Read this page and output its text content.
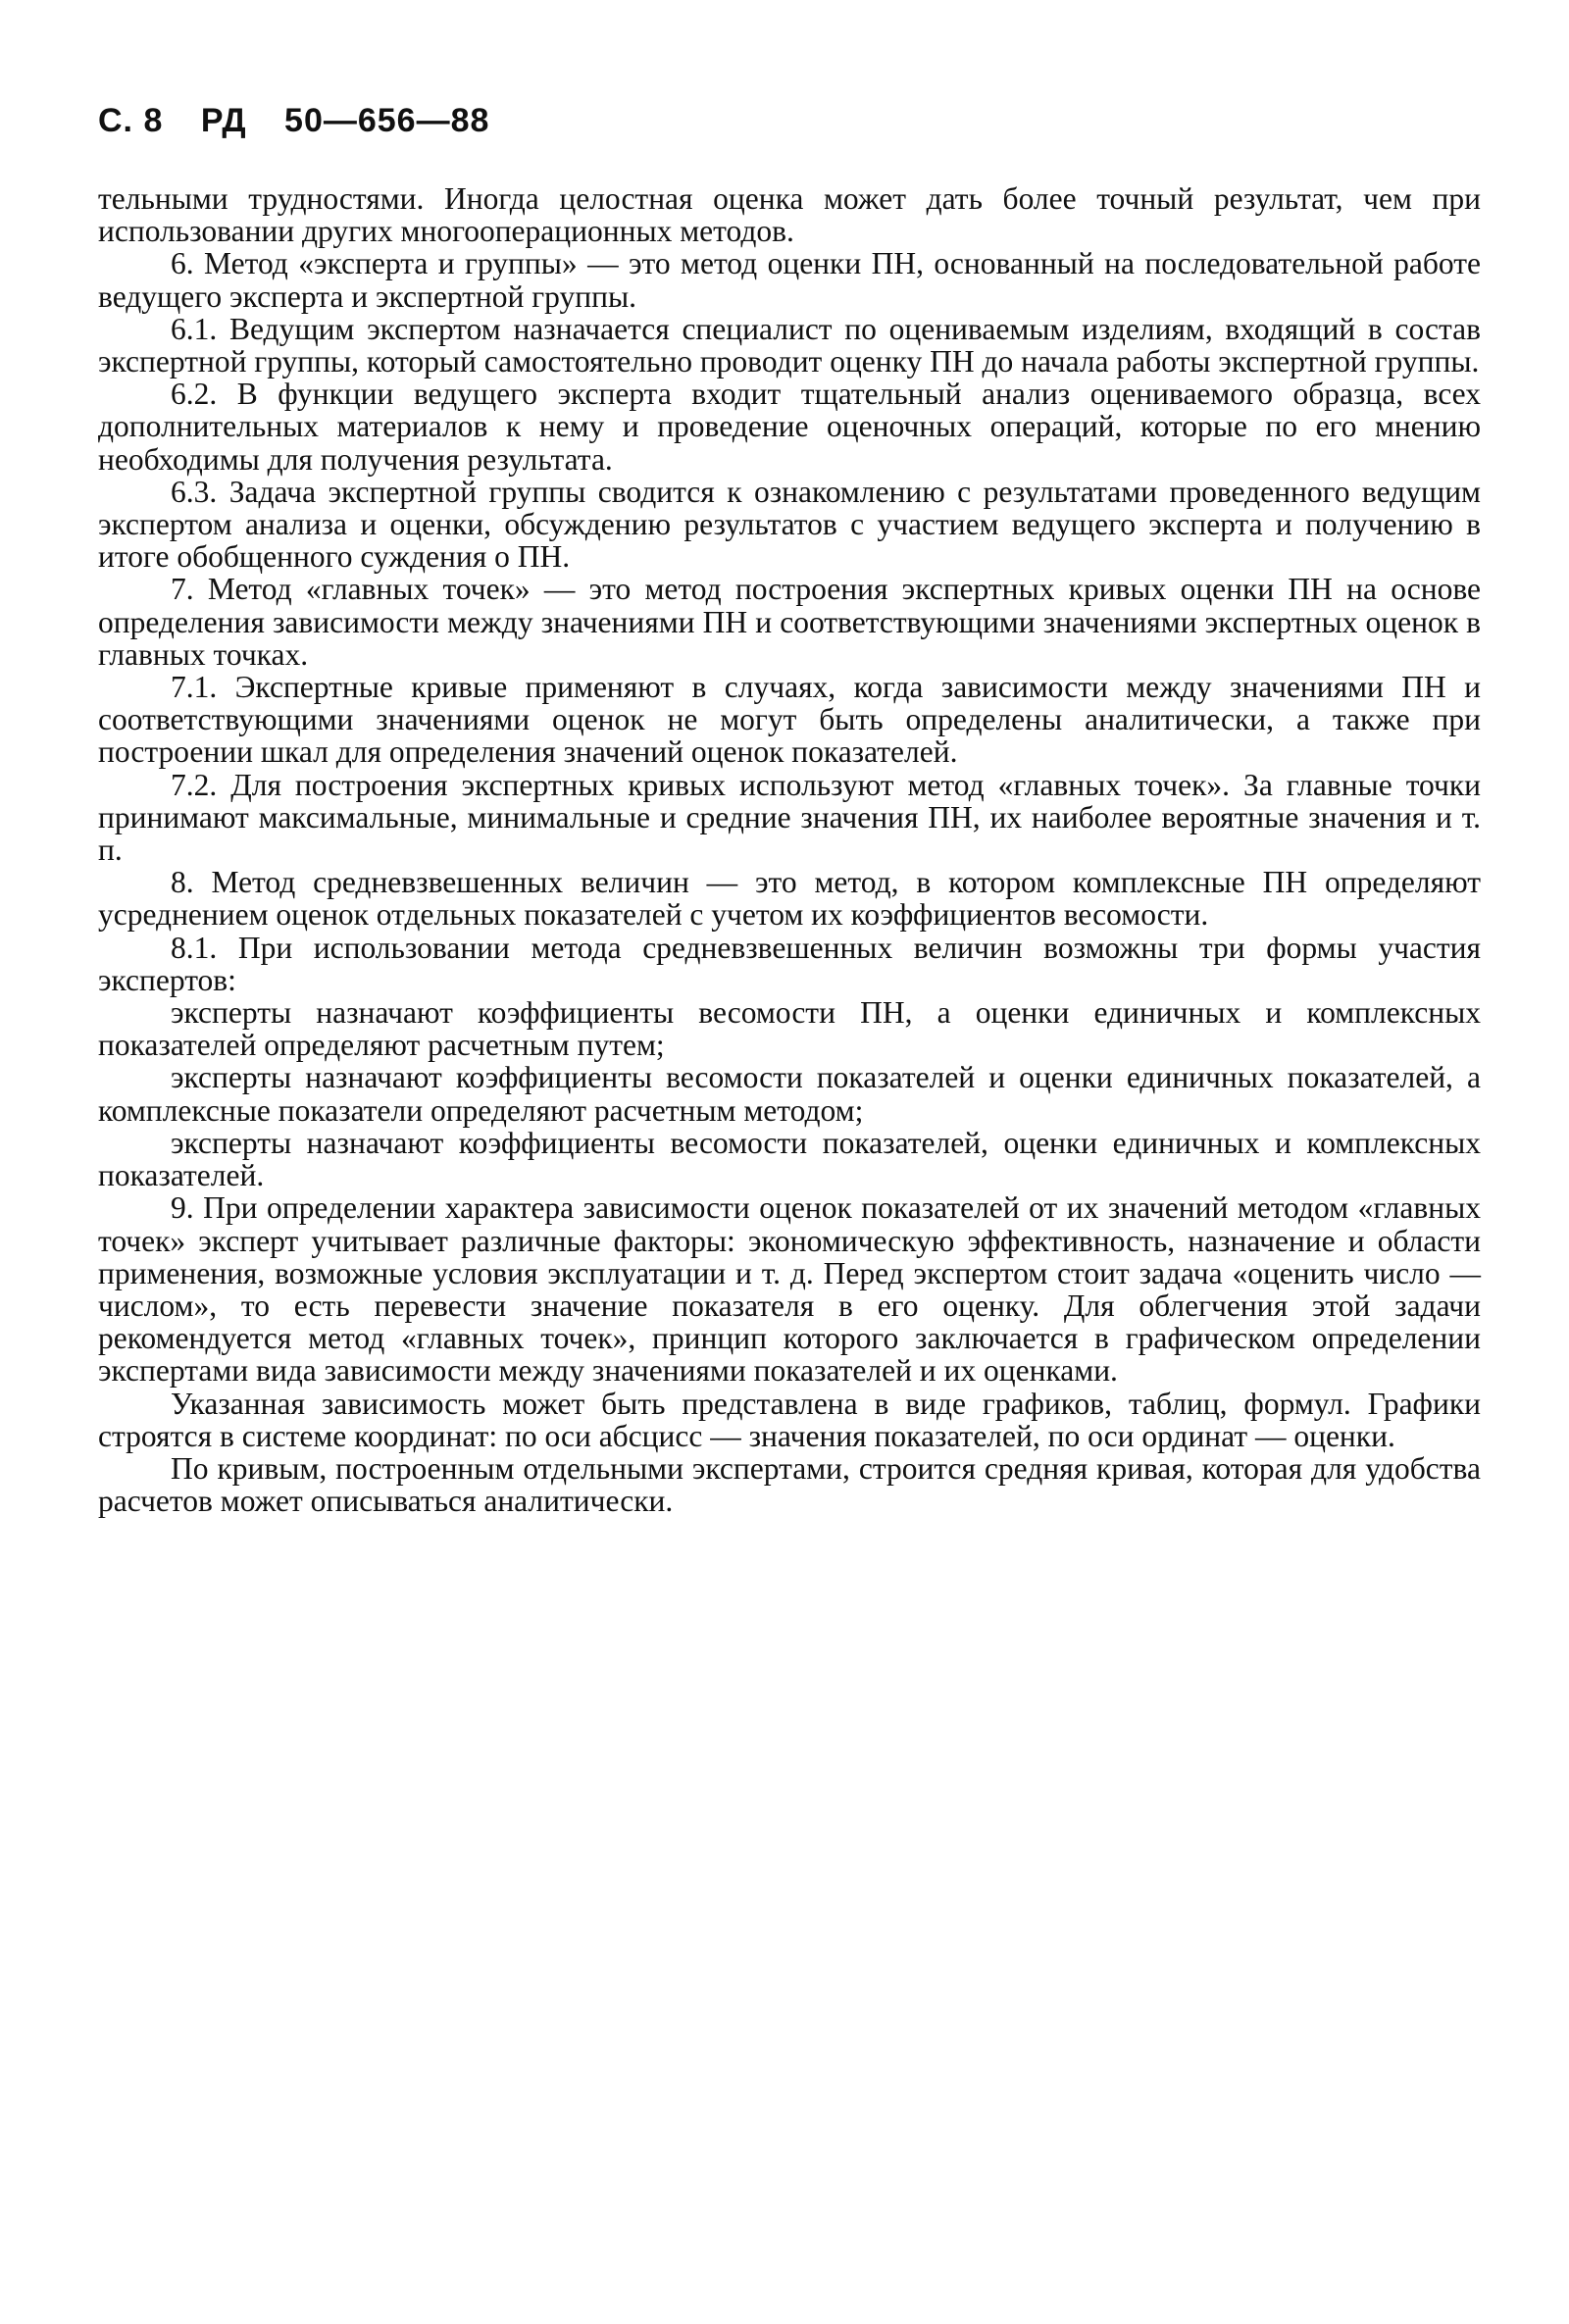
С. 8 РД 50—656—88

тельными трудностями. Иногда целостная оценка может дать более точный результат, чем при использовании других многооперационных методов.

6. Метод «эксперта и группы» — это метод оценки ПН, основанный на последовательной работе ведущего эксперта и экспертной группы.

6.1. Ведущим экспертом назначается специалист по оцениваемым изделиям, входящий в состав экспертной группы, который самостоятельно проводит оценку ПН до начала работы экспертной группы.

6.2. В функции ведущего эксперта входит тщательный анализ оцениваемого образца, всех дополнительных материалов к нему и проведение оценочных операций, которые по его мнению необходимы для получения результата.

6.3. Задача экспертной группы сводится к ознакомлению с результатами проведенного ведущим экспертом анализа и оценки, обсуждению результатов с участием ведущего эксперта и получению в итоге обобщенного суждения о ПН.

7. Метод «главных точек» — это метод построения экспертных кривых оценки ПН на основе определения зависимости между значениями ПН и соответствующими значениями экспертных оценок в главных точках.

7.1. Экспертные кривые применяют в случаях, когда зависимости между значениями ПН и соответствующими значениями оценок не могут быть определены аналитически, а также при построении шкал для определения значений оценок показателей.

7.2. Для построения экспертных кривых используют метод «главных точек». За главные точки принимают максимальные, минимальные и средние значения ПН, их наиболее вероятные значения и т. п.

8. Метод средневзвешенных величин — это метод, в котором комплексные ПН определяют усреднением оценок отдельных показателей с учетом их коэффициентов весомости.

8.1. При использовании метода средневзвешенных величин возможны три формы участия экспертов:

эксперты назначают коэффициенты весомости ПН, а оценки единичных и комплексных показателей определяют расчетным путем;

эксперты назначают коэффициенты весомости показателей и оценки единичных показателей, а комплексные показатели определяют расчетным методом;

эксперты назначают коэффициенты весомости показателей, оценки единичных и комплексных показателей.

9. При определении характера зависимости оценок показателей от их значений методом «главных точек» эксперт учитывает различные факторы: экономическую эффективность, назначение и области применения, возможные условия эксплуатации и т. д. Перед экспертом стоит задача «оценить число — числом», то есть перевести значение показателя в его оценку. Для облегчения этой задачи рекомендуется метод «главных точек», принцип которого заключается в графическом определении экспертами вида зависимости между значениями показателей и их оценками.

Указанная зависимость может быть представлена в виде графиков, таблиц, формул. Графики строятся в системе координат: по оси абсцисс — значения показателей, по оси ординат — оценки.

По кривым, построенным отдельными экспертами, строится средняя кривая, которая для удобства расчетов может описываться аналитически.
